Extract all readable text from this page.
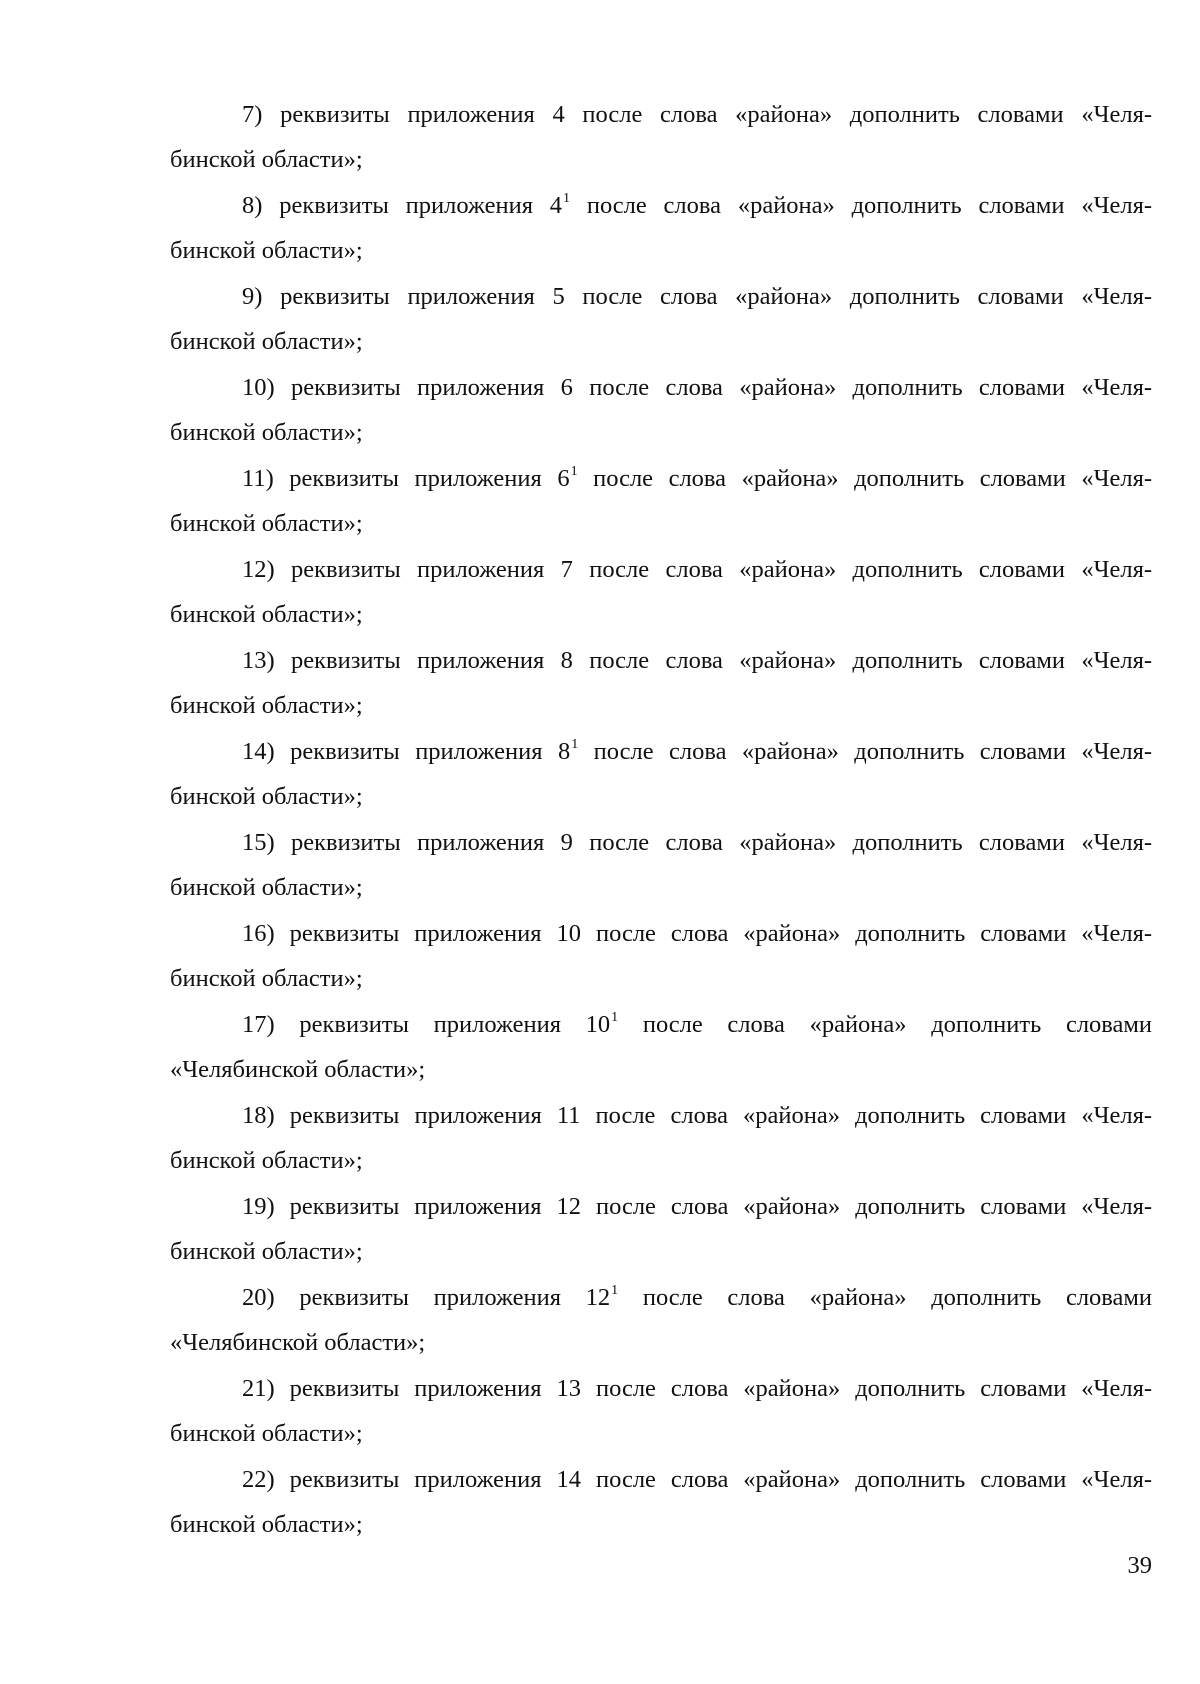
7) реквизиты приложения 4 после слова «района» дополнить словами «Челя-
бинской области»;
8) реквизиты приложения $4^1$ после слова «района» дополнить словами «Челя-
бинской области»;
9) реквизиты приложения 5 после слова «района» дополнить словами «Челя-
бинской области»;
10) реквизиты приложения 6 после слова «района» дополнить словами «Челя-
бинской области»;
11) реквизиты приложения $6^1$ после слова «района» дополнить словами «Челя-
бинской области»;
12) реквизиты приложения 7 после слова «района» дополнить словами «Челя-
бинской области»;
13) реквизиты приложения 8 после слова «района» дополнить словами «Челя-
бинской области»;
14) реквизиты приложения $8^1$ после слова «района» дополнить словами «Челя-
бинской области»;
15) реквизиты приложения 9 после слова «района» дополнить словами «Челя-
бинской области»;
16) реквизиты приложения 10 после слова «района» дополнить словами «Челя-
бинской области»;
17) реквизиты приложения $10^1$ после слова «района» дополнить словами
«Челябинской области»;
18) реквизиты приложения 11 после слова «района» дополнить словами «Челя-
бинской области»;
19) реквизиты приложения 12 после слова «района» дополнить словами «Челя-
бинской области»;
20) реквизиты приложения $12^1$ после слова «района» дополнить словами
«Челябинской области»;
21) реквизиты приложения 13 после слова «района» дополнить словами «Челя-
бинской области»;
22) реквизиты приложения 14 после слова «района» дополнить словами «Челя-
бинской области»;
39
